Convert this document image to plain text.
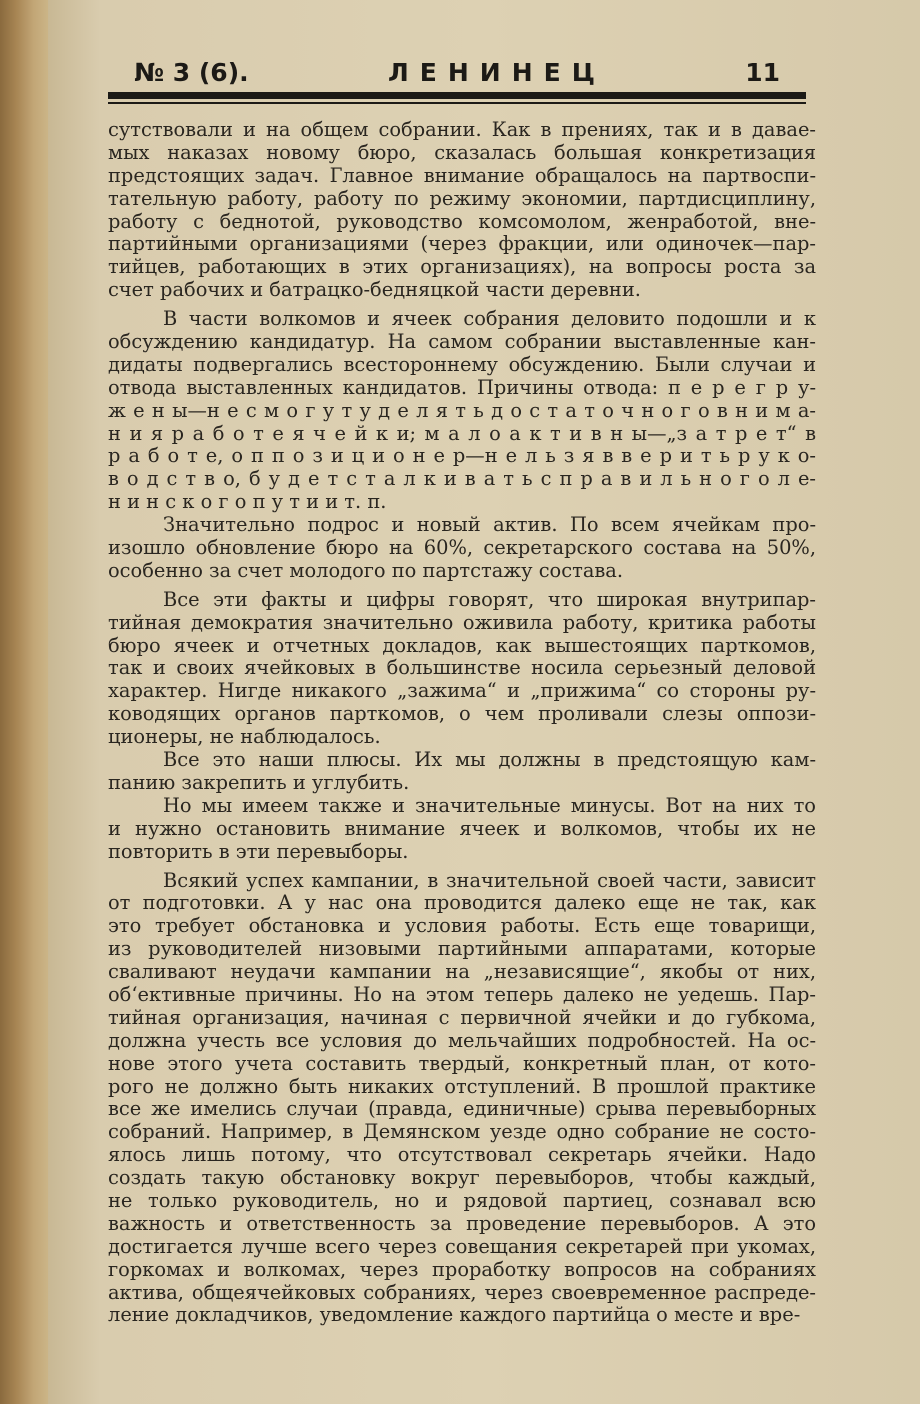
№ 3 (6).	ЛЕНИНЕЦ	11
сутствовали и на общем собрании. Как в прениях, так и в даваe-
мых наказах новому бюро, сказалась большая конкретизация
предстоящих задач. Главное внимание обращалось на партвоспи-
тательную работу, работу по режиму экономии, партдисциплину,
работу с беднотой, руководство комсомолом, женработой, вне-
партийными организациями (через фракции, или одиночек—пар-
тийцев, работающих в этих организациях), на вопросы роста за
счет рабочих и батрацко-бедняцкой части деревни.
В части волкомов и ячеек собрания деловито подошли и к
обсуждению кандидатур. На самом собрании выставленные кан-
дидаты подвергались всестороннему обсуждению. Были случаи и
отвода выставленных кандидатов. Причины отвода: п е р е г р у-
ж е н ы—н е с м о г у т у д е л я т ь д о с т а т о ч н о г о в н и м а-
н и я р а б о т е я ч е й к и; м а л о а к т и в н ы—„з а т р е т“ в
р а б о т е, о п п о з и ц и о н е р—н е л ь з я в в е р и т ь р у к о-
в о д с т в о, б у д е т с т а л к и в а т ь с п р а в и л ь н о г о л е-
н и н с к о г о п у т и и т. п.
Значительно подрос и новый актив. По всем ячейкам про-
изошло обновление бюро на 60%, секретарского состава на 50%,
особенно за счет молодого по партстажу состава.
Все эти факты и цифры говорят, что широкая внутрипар-
тийная демократия значительно оживила работу, критика работы
бюро ячеек и отчетных докладов, как вышестоящих парткомов,
так и своих ячейковых в большинстве носила серьезный деловой
характер. Нигде никакого „зажима“ и „прижима“ со стороны ру-
ководящих органов парткомов, о чем проливали слезы оппози-
ционеры, не наблюдалось.
Все это наши плюсы. Их мы должны в предстоящую кам-
панию закрепить и углубить.
Но мы имеем также и значительные минусы. Вот на них то
и нужно остановить внимание ячеек и волкомов, чтобы их не
повторить в эти перевыборы.
Всякий успех кампании, в значительной своей части, зависит
от подготовки. А у нас она проводится далеко еще не так, как
это требует обстановка и условия работы. Есть еще товарищи,
из руководителей низовыми партийными аппаратами, которые
сваливают неудачи кампании на „независящие“, якобы от них,
об‘ективные причины. Но на этом теперь далеко не уедешь. Пар-
тийная организация, начиная с первичной ячейки и до губкома,
должна учесть все условия до мельчайших подробностей. На ос-
нове этого учета составить твердый, конкретный план, от кото-
рого не должно быть никаких отступлений. В прошлой практике
все же имелись случаи (правда, единичные) срыва перевыборных
собраний. Например, в Демянском уезде одно собрание не состо-
ялось лишь потому, что отсутствовал секретарь ячейки. Надо
создать такую обстановку вокруг перевыборов, чтобы каждый,
не только руководитель, но и рядовой партиец, сознавал всю
важность и ответственность за проведение перевыборов. А это
достигается лучше всего через совещания секретарей при укомах,
горкомах и волкомах, через проработку вопросов на собраниях
актива, общеячейковых собраниях, через своевременное распреде-
ление докладчиков, уведомление каждого партийца о месте и вре-
